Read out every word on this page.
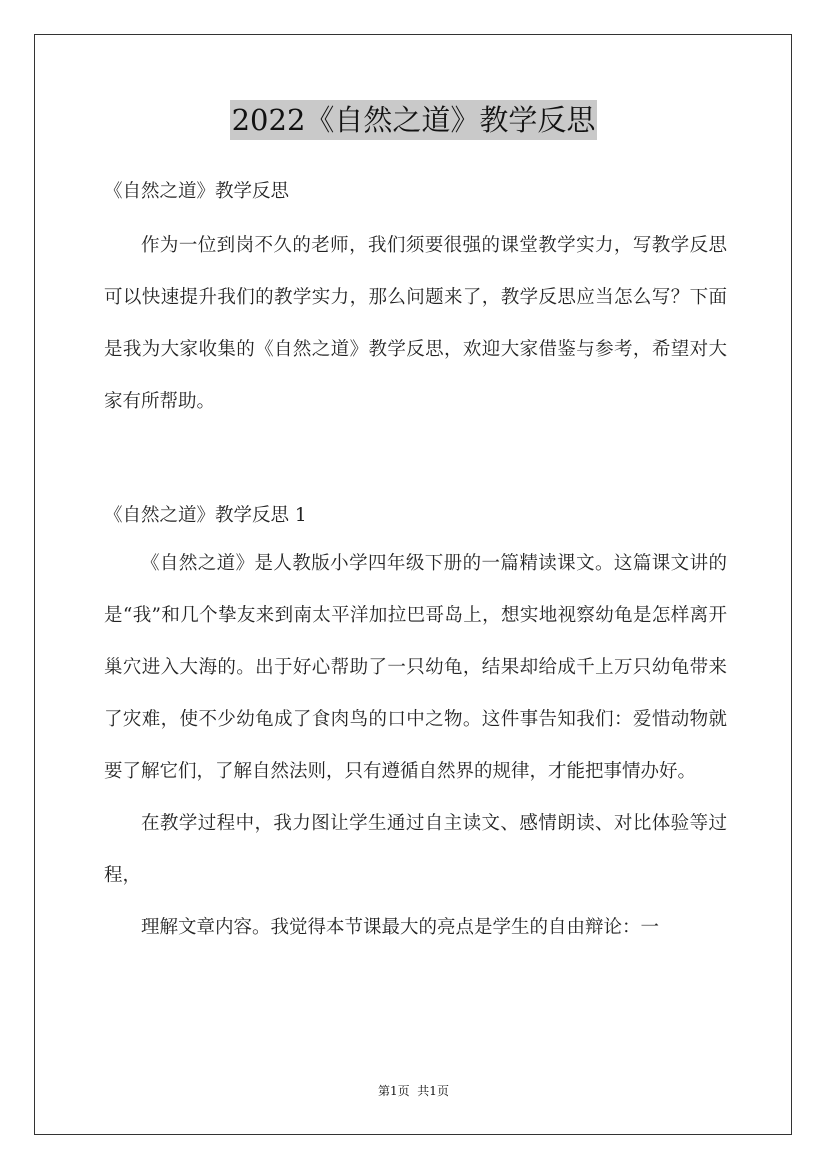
2022《自然之道》教学反思

《自然之道》教学反思

作为一位到岗不久的老师，我们须要很强的课堂教学实力，写教学反思可以快速提升我们的教学实力，那么问题来了，教学反思应当怎么写？下面是我为大家收集的《自然之道》教学反思，欢迎大家借鉴与参考，希望对大家有所帮助。

《自然之道》教学反思 1

《自然之道》是人教版小学四年级下册的一篇精读课文。这篇课文讲的是“我”和几个挚友来到南太平洋加拉巴哥岛上，想实地视察幼龟是怎样离开巢穴进入大海的。出于好心帮助了一只幼龟，结果却给成千上万只幼龟带来了灾难，使不少幼龟成了食肉鸟的口中之物。这件事告知我们：爱惜动物就要了解它们，了解自然法则，只有遵循自然界的规律，才能把事情办好。

在教学过程中，我力图让学生通过自主读文、感情朗读、对比体验等过程，

理解文章内容。我觉得本节课最大的亮点是学生的自由辩论：一

第1页  共1页
